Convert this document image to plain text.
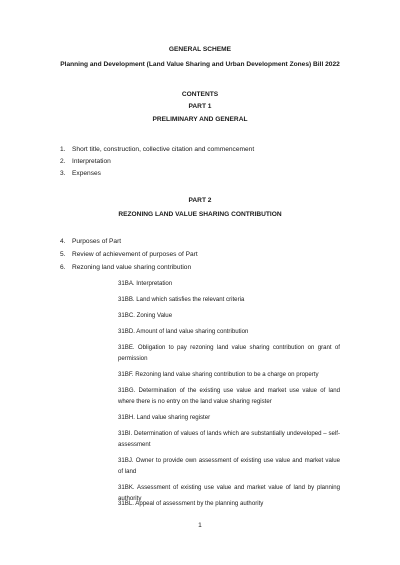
GENERAL SCHEME
Planning and Development (Land Value Sharing and Urban Development Zones) Bill 2022
CONTENTS
PART 1
PRELIMINARY AND GENERAL
1. Short title, construction, collective citation and commencement
2. Interpretation
3. Expenses
PART 2
REZONING LAND VALUE SHARING CONTRIBUTION
4. Purposes of Part
5. Review of achievement of purposes of Part
6. Rezoning land value sharing contribution
31BA. Interpretation
31BB. Land which satisfies the relevant criteria
31BC. Zoning Value
31BD. Amount of land value sharing contribution
31BE. Obligation to pay rezoning land value sharing contribution on grant of permission
31BF. Rezoning land value sharing contribution to be a charge on property
31BG. Determination of the existing use value and market use value of land where there is no entry on the land value sharing register
31BH. Land value sharing register
31BI. Determination of values of lands which are substantially undeveloped – self-assessment
31BJ. Owner to provide own assessment of existing use value and market value of land
31BK. Assessment of existing use value and market value of land by planning authority
31BL. Appeal of assessment by the planning authority
1
